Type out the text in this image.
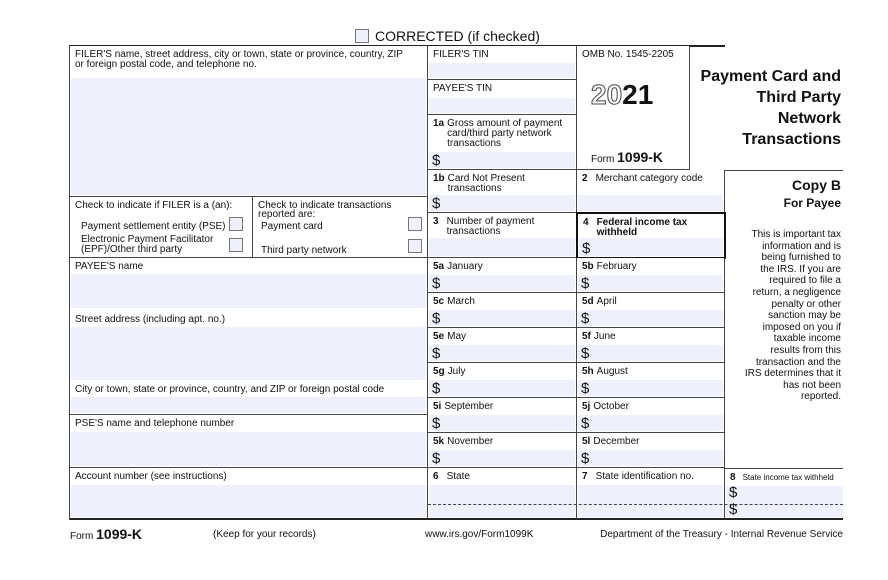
CORRECTED (if checked)
FILER'S name, street address, city or town, state or province, country, ZIP
or foreign postal code, and telephone no.
FILER'S TIN
PAYEE'S TIN
1a Gross amount of payment
card/third party network
transactions
$
1b Card Not Present
transactions
$
3 Number of payment
transactions
OMB No. 1545-2205
2021
Form 1099-K
Payment Card and
Third Party
Network
Transactions
2 Merchant category code
4 Federal income tax
withheld
$
Copy B
For Payee
This is important tax
information and is
being furnished to
the IRS. If you are
required to file a
return, a negligence
penalty or other
sanction may be
imposed on you if
taxable income
results from this
transaction and the
IRS determines that it
has not been
reported.
Check to indicate if FILER is a (an):
Payment settlement entity (PSE)
Electronic Payment Facilitator
(EPF)/Other third party
Check to indicate transactions
reported are:
Payment card
Third party network
PAYEE'S name
Street address (including apt. no.)
City or town, state or province, country, and ZIP or foreign postal code
PSE'S name and telephone number
5a January
$
5b February
$
5c March
$
5d April
$
5e May
$
5f June
$
5g July
$
5h August
$
5i September
$
5j October
$
5k November
$
5l December
$
Account number (see instructions)	6 State	7 State identification no.	8 State income tax withheld
$
$
Form 1099-K	(Keep for your records)	www.irs.gov/Form1099K	Department of the Treasury - Internal Revenue Service
